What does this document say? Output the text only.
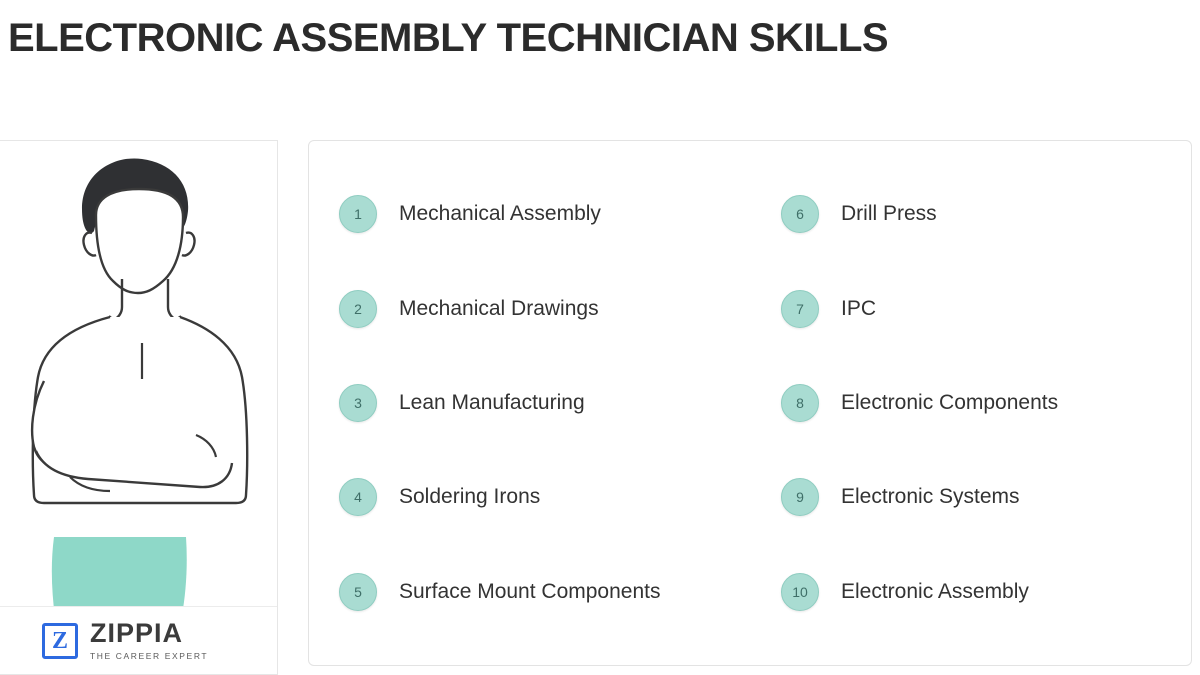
ELECTRONIC ASSEMBLY TECHNICIAN SKILLS
Z ZIPPIA
THE CAREER EXPERT
1	Mechanical Assembly
2	Mechanical Drawings
3	Lean Manufacturing
4	Soldering Irons
5	Surface Mount Components
6	Drill Press
7	IPC
8	Electronic Components
9	Electronic Systems
10	Electronic Assembly
